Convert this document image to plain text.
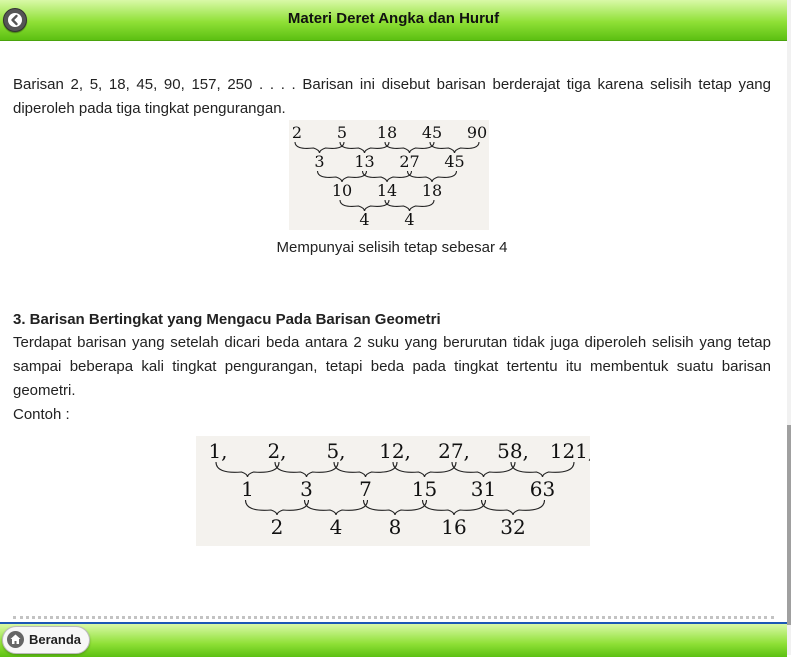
Materi Deret Angka dan Huruf

Barisan 2, 5, 18, 45, 90, 157, 250 . . . . Barisan ini disebut barisan berderajat tiga karena selisih tetap yang diperoleh pada tiga tingkat pengurangan.

2 5 18 45 90
3 13 27 45
10 14 18
4 4
Mempunyai selisih tetap sebesar 4

3. Barisan Bertingkat yang Mengacu Pada Barisan Geometri

Terdapat barisan yang setelah dicari beda antara 2 suku yang berurutan tidak juga diperoleh selisih yang tetap sampai beberapa kali tingkat pengurangan, tetapi beda pada tingkat tertentu itu membentuk suatu barisan geometri.

Contoh :

1, 2, 5, 12, 27, 58, 121,
1 3 7 15 31 63
2 4 8 16 32
Beranda
